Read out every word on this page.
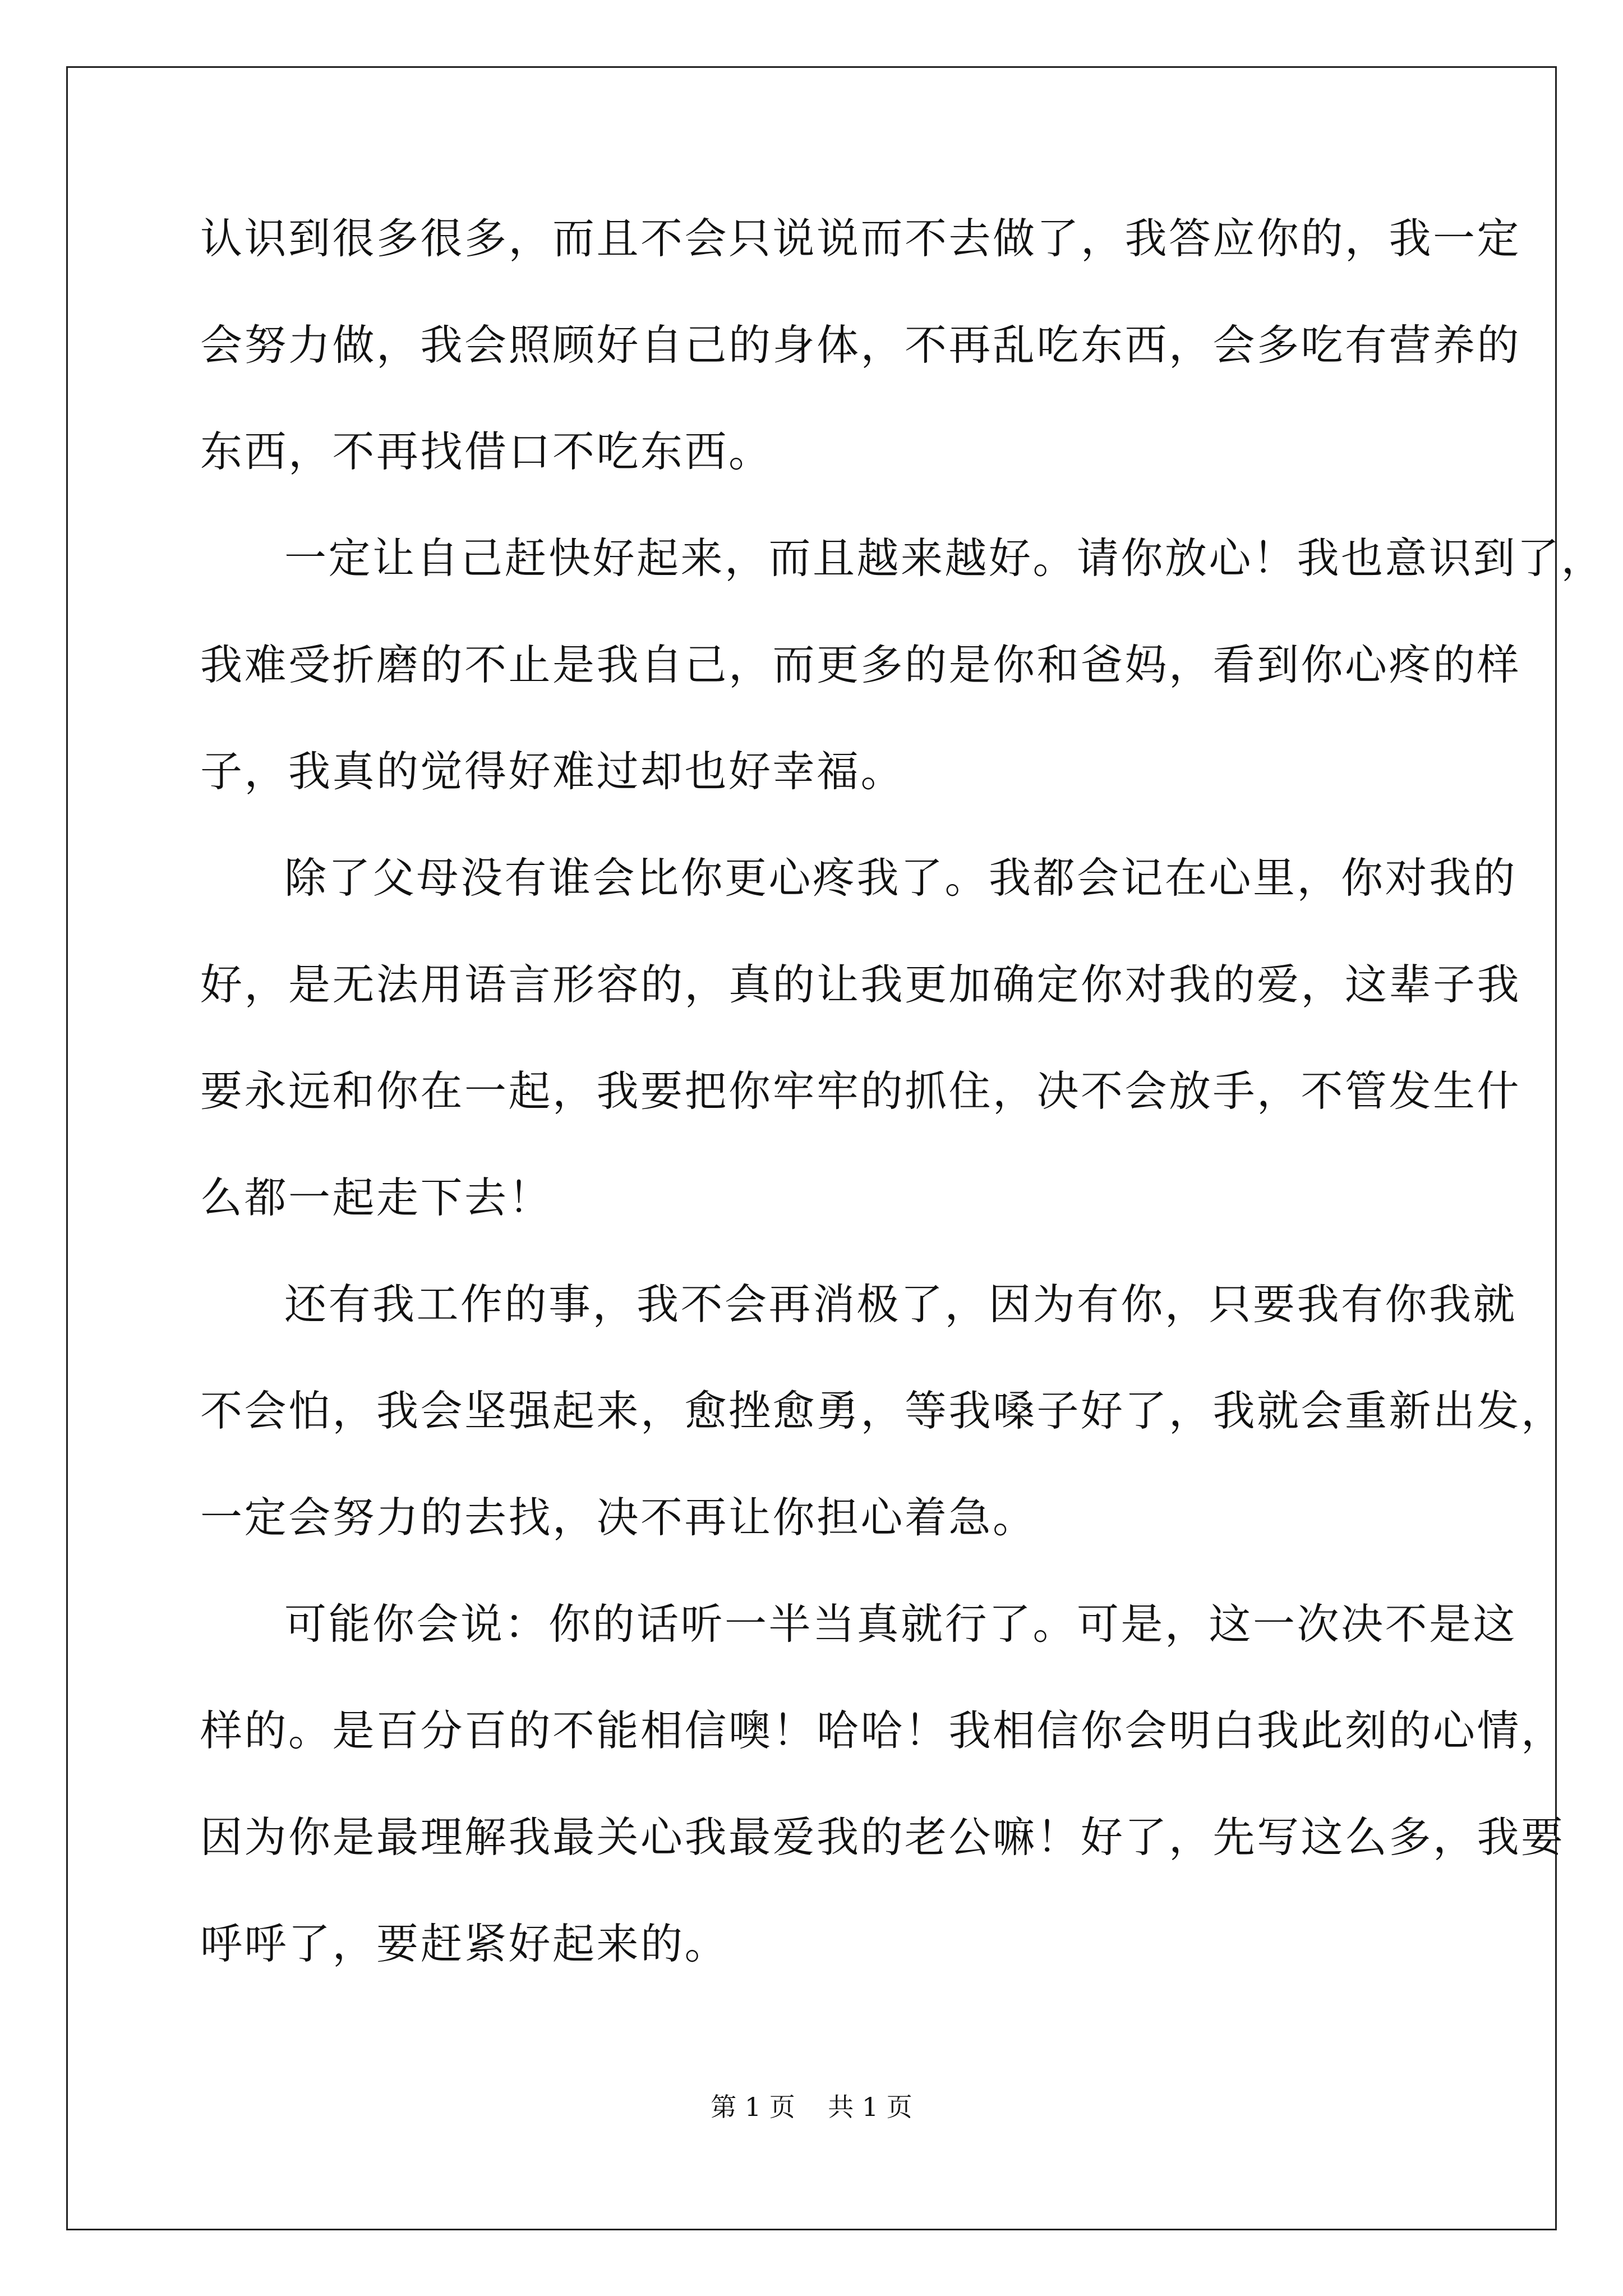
认识到很多很多，而且不会只说说而不去做了，我答应你的，我一定
会努力做，我会照顾好自己的身体，不再乱吃东西，会多吃有营养的
东西，不再找借口不吃东西。
一定让自己赶快好起来，而且越来越好。请你放心！我也意识到了，
我难受折磨的不止是我自己，而更多的是你和爸妈，看到你心疼的样
子，我真的觉得好难过却也好幸福。
除了父母没有谁会比你更心疼我了。我都会记在心里，你对我的
好，是无法用语言形容的，真的让我更加确定你对我的爱，这辈子我
要永远和你在一起，我要把你牢牢的抓住，决不会放手，不管发生什
么都一起走下去！
还有我工作的事，我不会再消极了，因为有你，只要我有你我就
不会怕，我会坚强起来，愈挫愈勇，等我嗓子好了，我就会重新出发，
一定会努力的去找，决不再让你担心着急。
可能你会说：你的话听一半当真就行了。可是，这一次决不是这
样的。是百分百的不能相信噢！哈哈！我相信你会明白我此刻的心情，
因为你是最理解我最关心我最爱我的老公嘛！好了，先写这么多，我要
呼呼了，要赶紧好起来的。
第 1 页    共 1 页
